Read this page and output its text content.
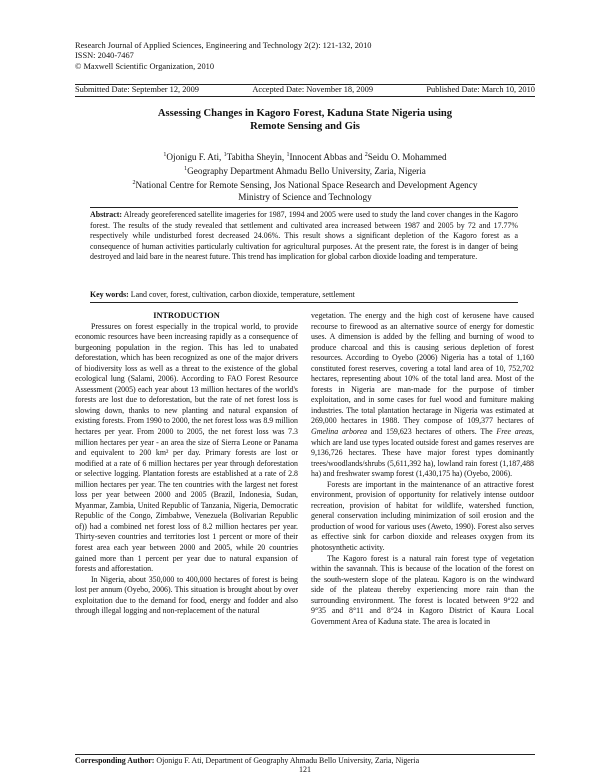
Research Journal of Applied Sciences, Engineering and Technology 2(2): 121-132, 2010
ISSN: 2040-7467
© Maxwell Scientific Organization, 2010
Submitted Date: September 12, 2009	Accepted Date: November 18, 2009	Published Date: March 10, 2010
Assessing Changes in Kagoro Forest, Kaduna State Nigeria using
Remote Sensing and Gis
$^1$Ojonigu F. Ati, $^1$Tabitha Sheyin, $^1$Innocent Abbas and $^2$Seidu O. Mohammed
$^1$Geography Department Ahmadu Bello University, Zaria, Nigeria
$^2$National Centre for Remote Sensing, Jos National Space Research and Development Agency
Ministry of Science and Technology
Abstract: Already georeferenced satellite imageries for 1987, 1994 and 2005 were used to study the land cover changes in the Kagoro forest. The results of the study revealed that settlement and cultivated area increased between 1987 and 2005 by 72 and 17.77% respectively while undisturbed forest decreased 24.06%. This result shows a significant depletion of the Kagoro forest as a consequence of human activities particularly cultivation for agricultural purposes. At the present rate, the forest is in danger of being destroyed and laid bare in the nearest future. This trend has implication for global carbon dioxide loading and temperature.
Key words: Land cover, forest, cultivation, carbon dioxide, temperature, settlement

INTRODUCTION

Pressures on forest especially in the tropical world, to provide economic resources have been increasing rapidly as a consequence of burgeoning population in the region. This has led to unabated deforestation, which has been recognized as one of the major drivers of biodiversity loss as well as a threat to the existence of the global ecological lung (Salami, 2006). According to FAO Forest Resource Assessment (2005) each year about 13 million hectares of the world's forests are lost due to deforestation, but the rate of net forest loss is slowing down, thanks to new planting and natural expansion of existing forests. From 1990 to 2000, the net forest loss was 8.9 million hectares per year. From 2000 to 2005, the net forest loss was 7.3 million hectares per year - an area the size of Sierra Leone or Panama and equivalent to 200 km² per day. Primary forests are lost or modified at a rate of 6 million hectares per year through deforestation or selective logging. Plantation forests are established at a rate of 2.8 million hectares per year. The ten countries with the largest net forest loss per year between 2000 and 2005 (Brazil, Indonesia, Sudan, Myanmar, Zambia, United Republic of Tanzania, Nigeria, Democratic Republic of the Congo, Zimbabwe, Venezuela (Bolivarian Republic of)) had a combined net forest loss of 8.2 million hectares per year. Thirty-seven countries and territories lost 1 percent or more of their forest area each year between 2000 and 2005, while 20 countries gained more than 1 percent per year due to natural expansion of forests and afforestation.

In Nigeria, about 350,000 to 400,000 hectares of forest is being lost per annum (Oyebo, 2006). This situation is brought about by over exploitation due to the demand for food, energy and fodder and also through illegal logging and non-replacement of the natural

vegetation. The energy and the high cost of kerosene have caused recourse to firewood as an alternative source of energy for domestic uses. A dimension is added by the felling and burning of wood to produce charcoal and this is causing serious depletion of forest resources. According to Oyebo (2006) Nigeria has a total of 1,160 constituted forest reserves, covering a total land area of 10, 752,702 hectares, representing about 10% of the total land area. Most of the forests in Nigeria are man-made for the purpose of timber exploitation, and in some cases for fuel wood and furniture making industries. The total plantation hectarage in Nigeria was estimated at 269,000 hectares in 1988. They compose of 109,377 hectares of Gmelina arborea and 159,623 hectares of others. The Free areas, which are land use types located outside forest and games reserves are 9,136,726 hectares. These have major forest types dominantly trees/woodlands/shrubs (5,611,392 ha), lowland rain forest (1,187,488 ha) and freshwater swamp forest (1,430,175 ha) (Oyebo, 2006).

Forests are important in the maintenance of an attractive forest environment, provision of opportunity for relatively intense outdoor recreation, provision of habitat for wildlife, watershed function, general conservation including minimization of soil erosion and the production of wood for various uses (Aweto, 1990). Forest also serves as effective sink for carbon dioxide and releases oxygen from its photosynthetic activity.

The Kagoro forest is a natural rain forest type of vegetation within the savannah. This is because of the location of the forest on the south-western slope of the plateau. Kagoro is on the windward side of the plateau thereby experiencing more rain than the surrounding environment. The forest is located between 9°22 and 9°35 and 8°11 and 8°24 in Kagoro District of Kaura Local Government Area of Kaduna state. The area is located in

Corresponding Author: Ojonigu F. Ati, Department of Geography Ahmadu Bello University, Zaria, Nigeria
121
